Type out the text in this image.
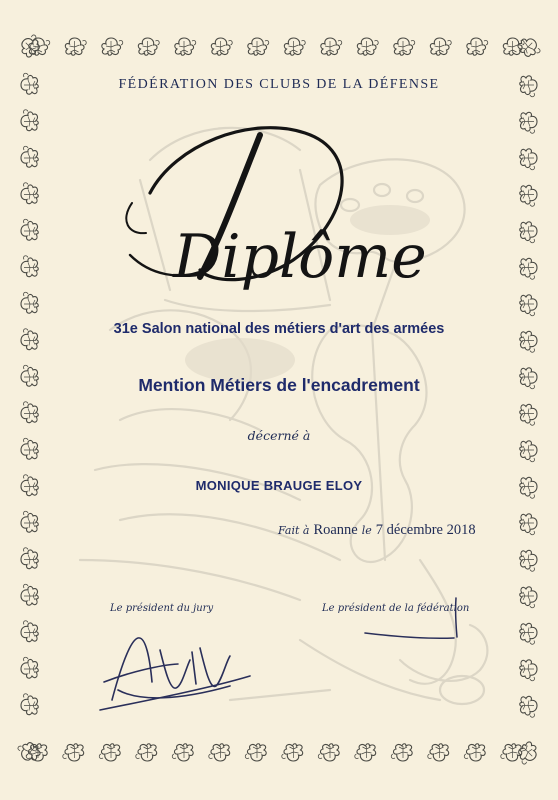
FÉDÉRATION DES CLUBS DE LA DÉFENSE
Diplôme
31e Salon national des métiers d'art des armées
Mention Métiers de l'encadrement
décerné à
MONIQUE BRAUGE ELOY
Fait à Roanne le 7 décembre 2018
Le président du jury	Le président de la fédération
